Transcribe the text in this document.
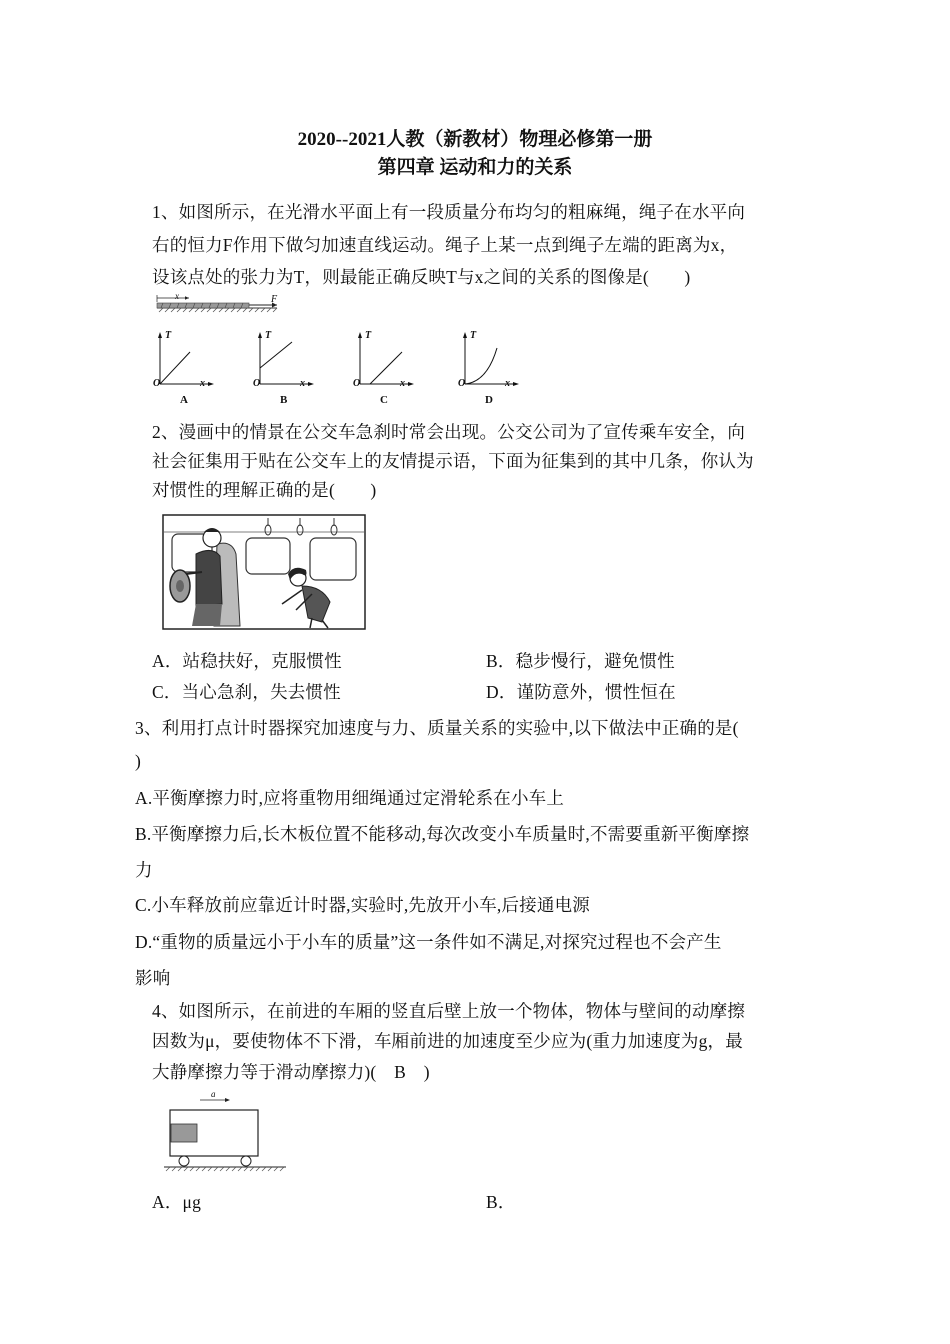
2020--2021人教（新教材）物理必修第一册
第四章 运动和力的关系
1、如图所示，在光滑水平面上有一段质量分布均匀的粗麻绳，绳子在水平向
右的恒力F作用下做匀加速直线运动。绳子上某一点到绳子左端的距离为x，
设该点处的张力为T，则最能正确反映T与x之间的关系的图像是(　　)
x	F
T
O	x
A
T
O	x
B
T
O	x
C
T
O	x
D
2、漫画中的情景在公交车急刹时常会出现。公交公司为了宣传乘车安全，向
社会征集用于贴在公交车上的友情提示语，下面为征集到的其中几条，你认为
对惯性的理解正确的是(　　)
A．站稳扶好，克服惯性	B．稳步慢行，避免惯性
C．当心急刹，失去惯性	D．谨防意外，惯性恒在
3、利用打点计时器探究加速度与力、质量关系的实验中,以下做法中正确的是(
)
A.平衡摩擦力时,应将重物用细绳通过定滑轮系在小车上
B.平衡摩擦力后,长木板位置不能移动,每次改变小车质量时,不需要重新平衡摩擦
力
C.小车释放前应靠近计时器,实验时,先放开小车,后接通电源
D.“重物的质量远小于小车的质量”这一条件如不满足,对探究过程也不会产生
影响
4、如图所示，在前进的车厢的竖直后壁上放一个物体，物体与壁间的动摩擦
因数为μ，要使物体不下滑，车厢前进的加速度至少应为(重力加速度为g，最
大静摩擦力等于滑动摩擦力)(　B　)
a
A．μg	B．
